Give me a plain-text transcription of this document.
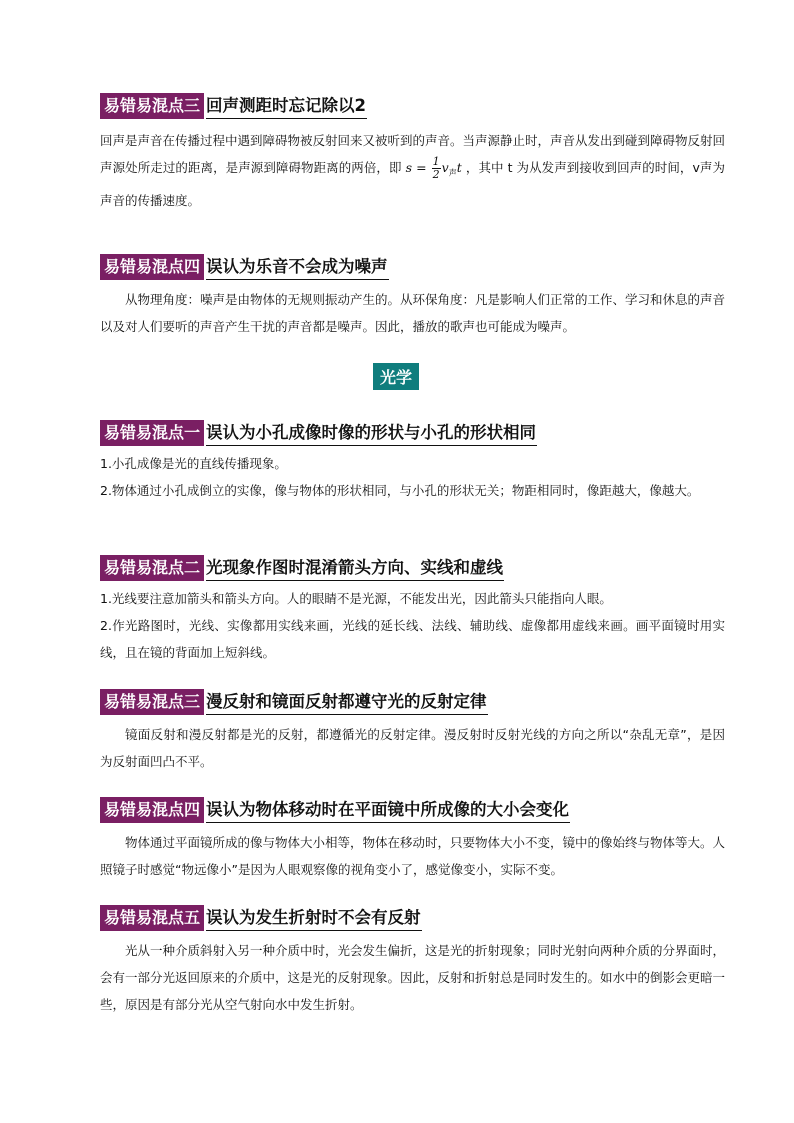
易错易混点三 回声测距时忘记除以2

回声是声音在传播过程中遇到障碍物被反射回来又被听到的声音。当声源静止时，声音从发出到碰到障碍物反射回声源处所走过的距离，是声源到障碍物距离的两倍，即 $s = \frac{1}{2} v_声t$ ，其中 t 为从发声到接收到回声的时间，v声为声音的传播速度。

易错易混点四 误认为乐音不会成为噪声

从物理角度：噪声是由物体的无规则振动产生的。从环保角度：凡是影响人们正常的工作、学习和休息的声音以及对人们要听的声音产生干扰的声音都是噪声。因此，播放的歌声也可能成为噪声。

光学
易错易混点一 误认为小孔成像时像的形状与小孔的形状相同

1.小孔成像是光的直线传播现象。

2.物体通过小孔成倒立的实像，像与物体的形状相同，与小孔的形状无关；物距相同时，像距越大，像越大。

易错易混点二 光现象作图时混淆箭头方向、实线和虚线

1.光线要注意加箭头和箭头方向。人的眼睛不是光源，不能发出光，因此箭头只能指向人眼。

2.作光路图时，光线、实像都用实线来画，光线的延长线、法线、辅助线、虚像都用虚线来画。画平面镜时用实线，且在镜的背面加上短斜线。

易错易混点三 漫反射和镜面反射都遵守光的反射定律

镜面反射和漫反射都是光的反射，都遵循光的反射定律。漫反射时反射光线的方向之所以“杂乱无章”，是因为反射面凹凸不平。

易错易混点四 误认为物体移动时在平面镜中所成像的大小会变化

物体通过平面镜所成的像与物体大小相等，物体在移动时，只要物体大小不变，镜中的像始终与物体等大。人照镜子时感觉“物远像小”是因为人眼观察像的视角变小了，感觉像变小，实际不变。

易错易混点五 误认为发生折射时不会有反射

光从一种介质斜射入另一种介质中时，光会发生偏折，这是光的折射现象；同时光射向两种介质的分界面时，会有一部分光返回原来的介质中，这是光的反射现象。因此，反射和折射总是同时发生的。如水中的倒影会更暗一些，原因是有部分光从空气射向水中发生折射。
